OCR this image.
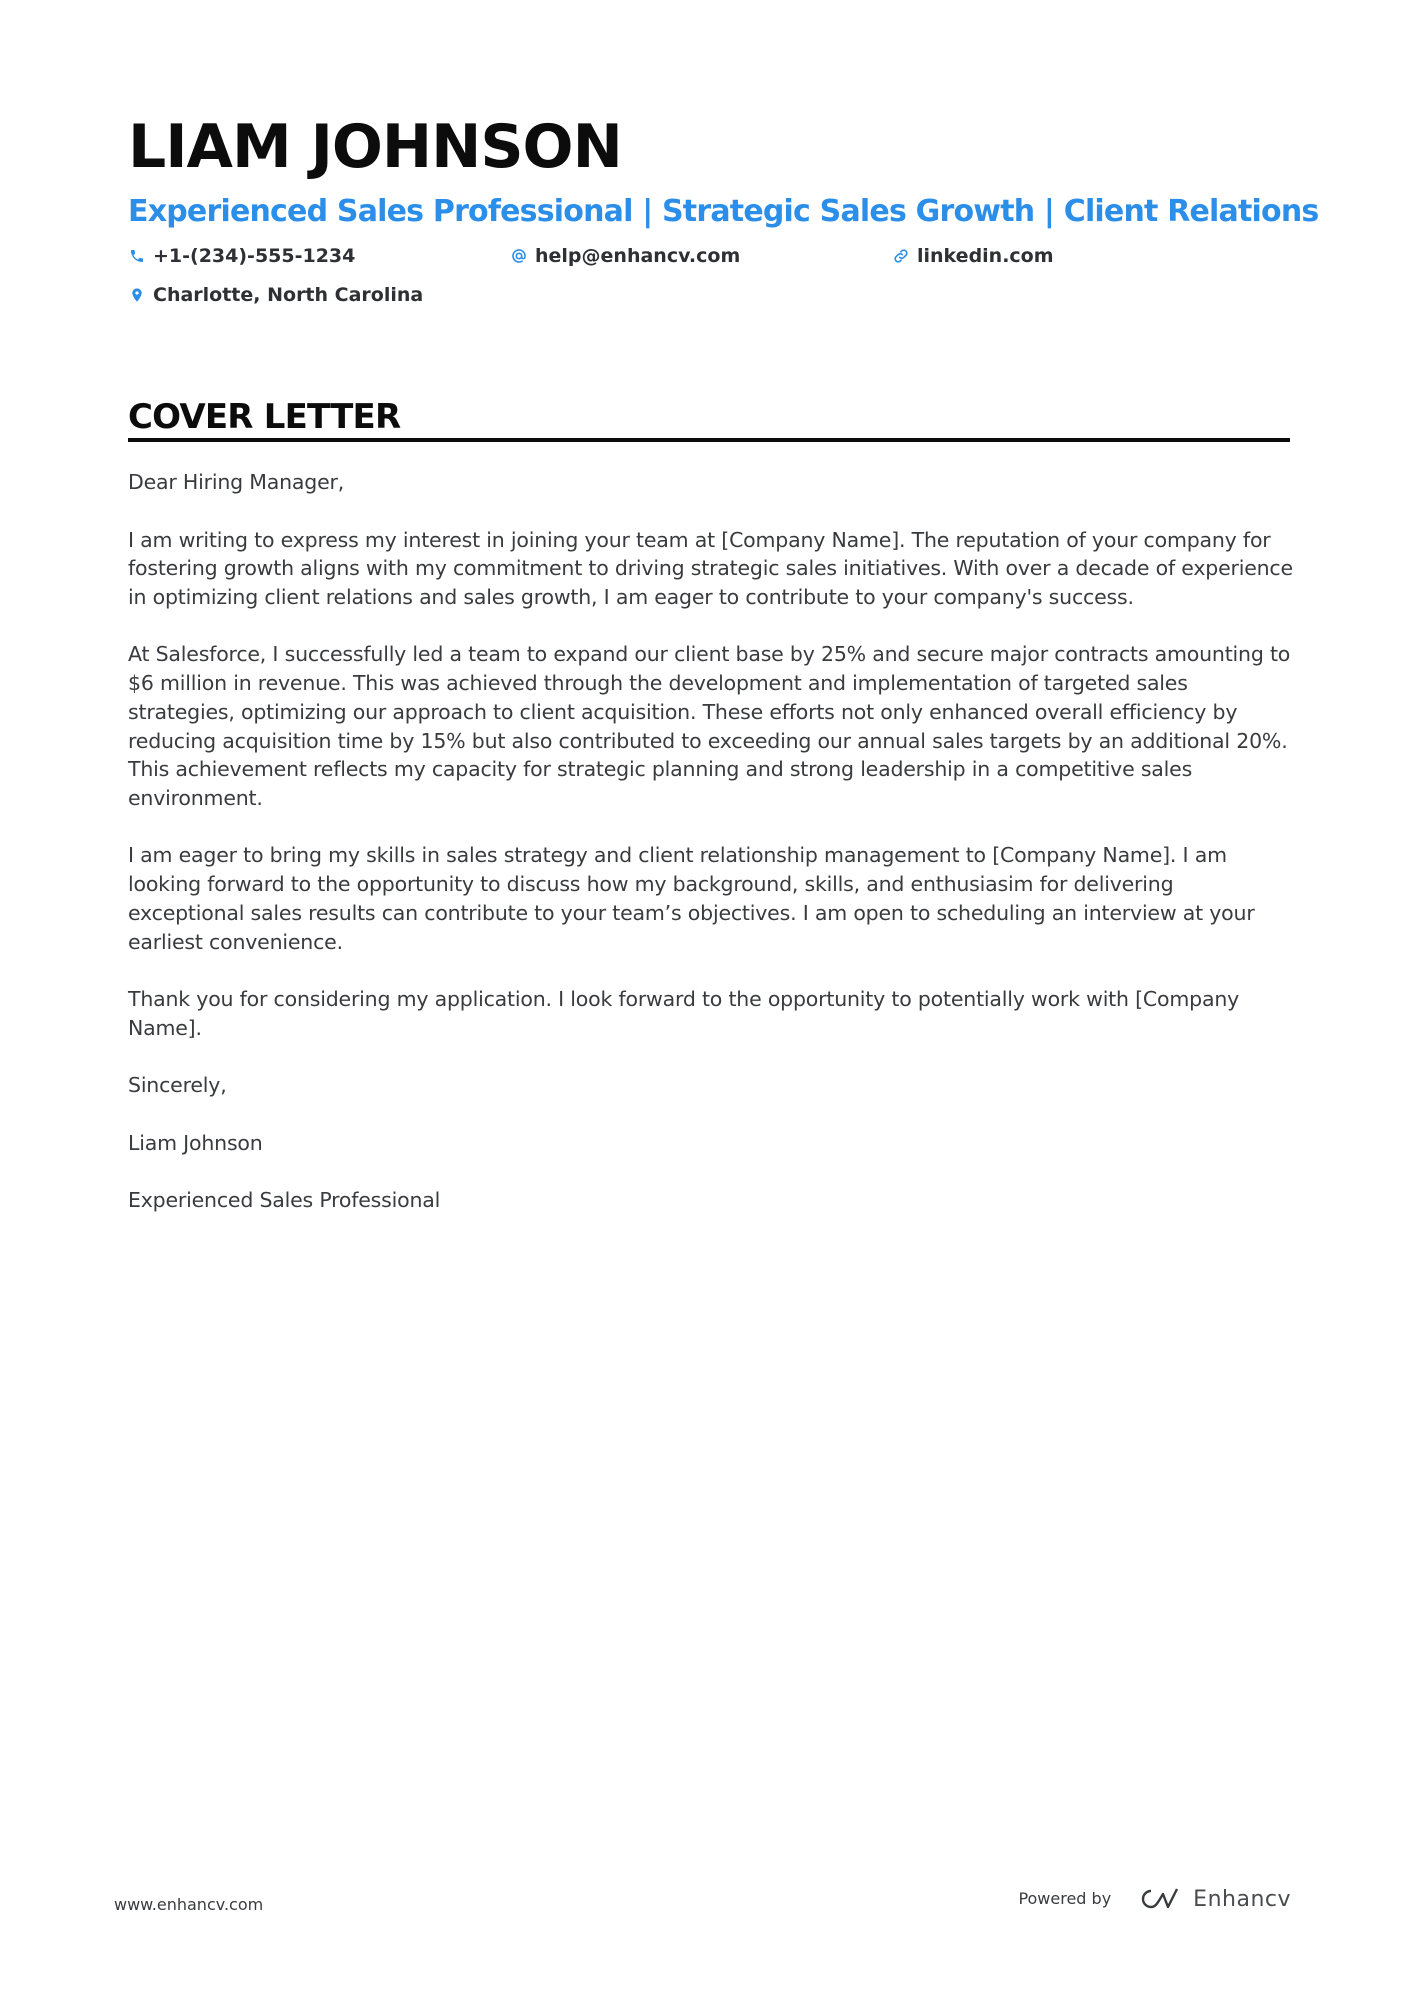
LIAM JOHNSON
Experienced Sales Professional | Strategic Sales Growth | Client Relations
+1-(234)-555-1234	help@enhancv.com	linkedin.com
Charlotte, North Carolina
COVER LETTER

Dear Hiring Manager,

I am writing to express my interest in joining your team at [Company Name]. The reputation of your company for fostering growth aligns with my commitment to driving strategic sales initiatives. With over a decade of experience in optimizing client relations and sales growth, I am eager to contribute to your company's success.

At Salesforce, I successfully led a team to expand our client base by 25% and secure major contracts amounting to $6 million in revenue. This was achieved through the development and implementation of targeted sales strategies, optimizing our approach to client acquisition. These efforts not only enhanced overall efficiency by reducing acquisition time by 15% but also contributed to exceeding our annual sales targets by an additional 20%. This achievement reflects my capacity for strategic planning and strong leadership in a competitive sales environment.

I am eager to bring my skills in sales strategy and client relationship management to [Company Name]. I am looking forward to the opportunity to discuss how my background, skills, and enthusiasim for delivering exceptional sales results can contribute to your team’s objectives. I am open to scheduling an interview at your earliest convenience.

Thank you for considering my application. I look forward to the opportunity to potentially work with [Company Name].

Sincerely,

Liam Johnson

Experienced Sales Professional

www.enhancv.com	Powered by	Enhancv
